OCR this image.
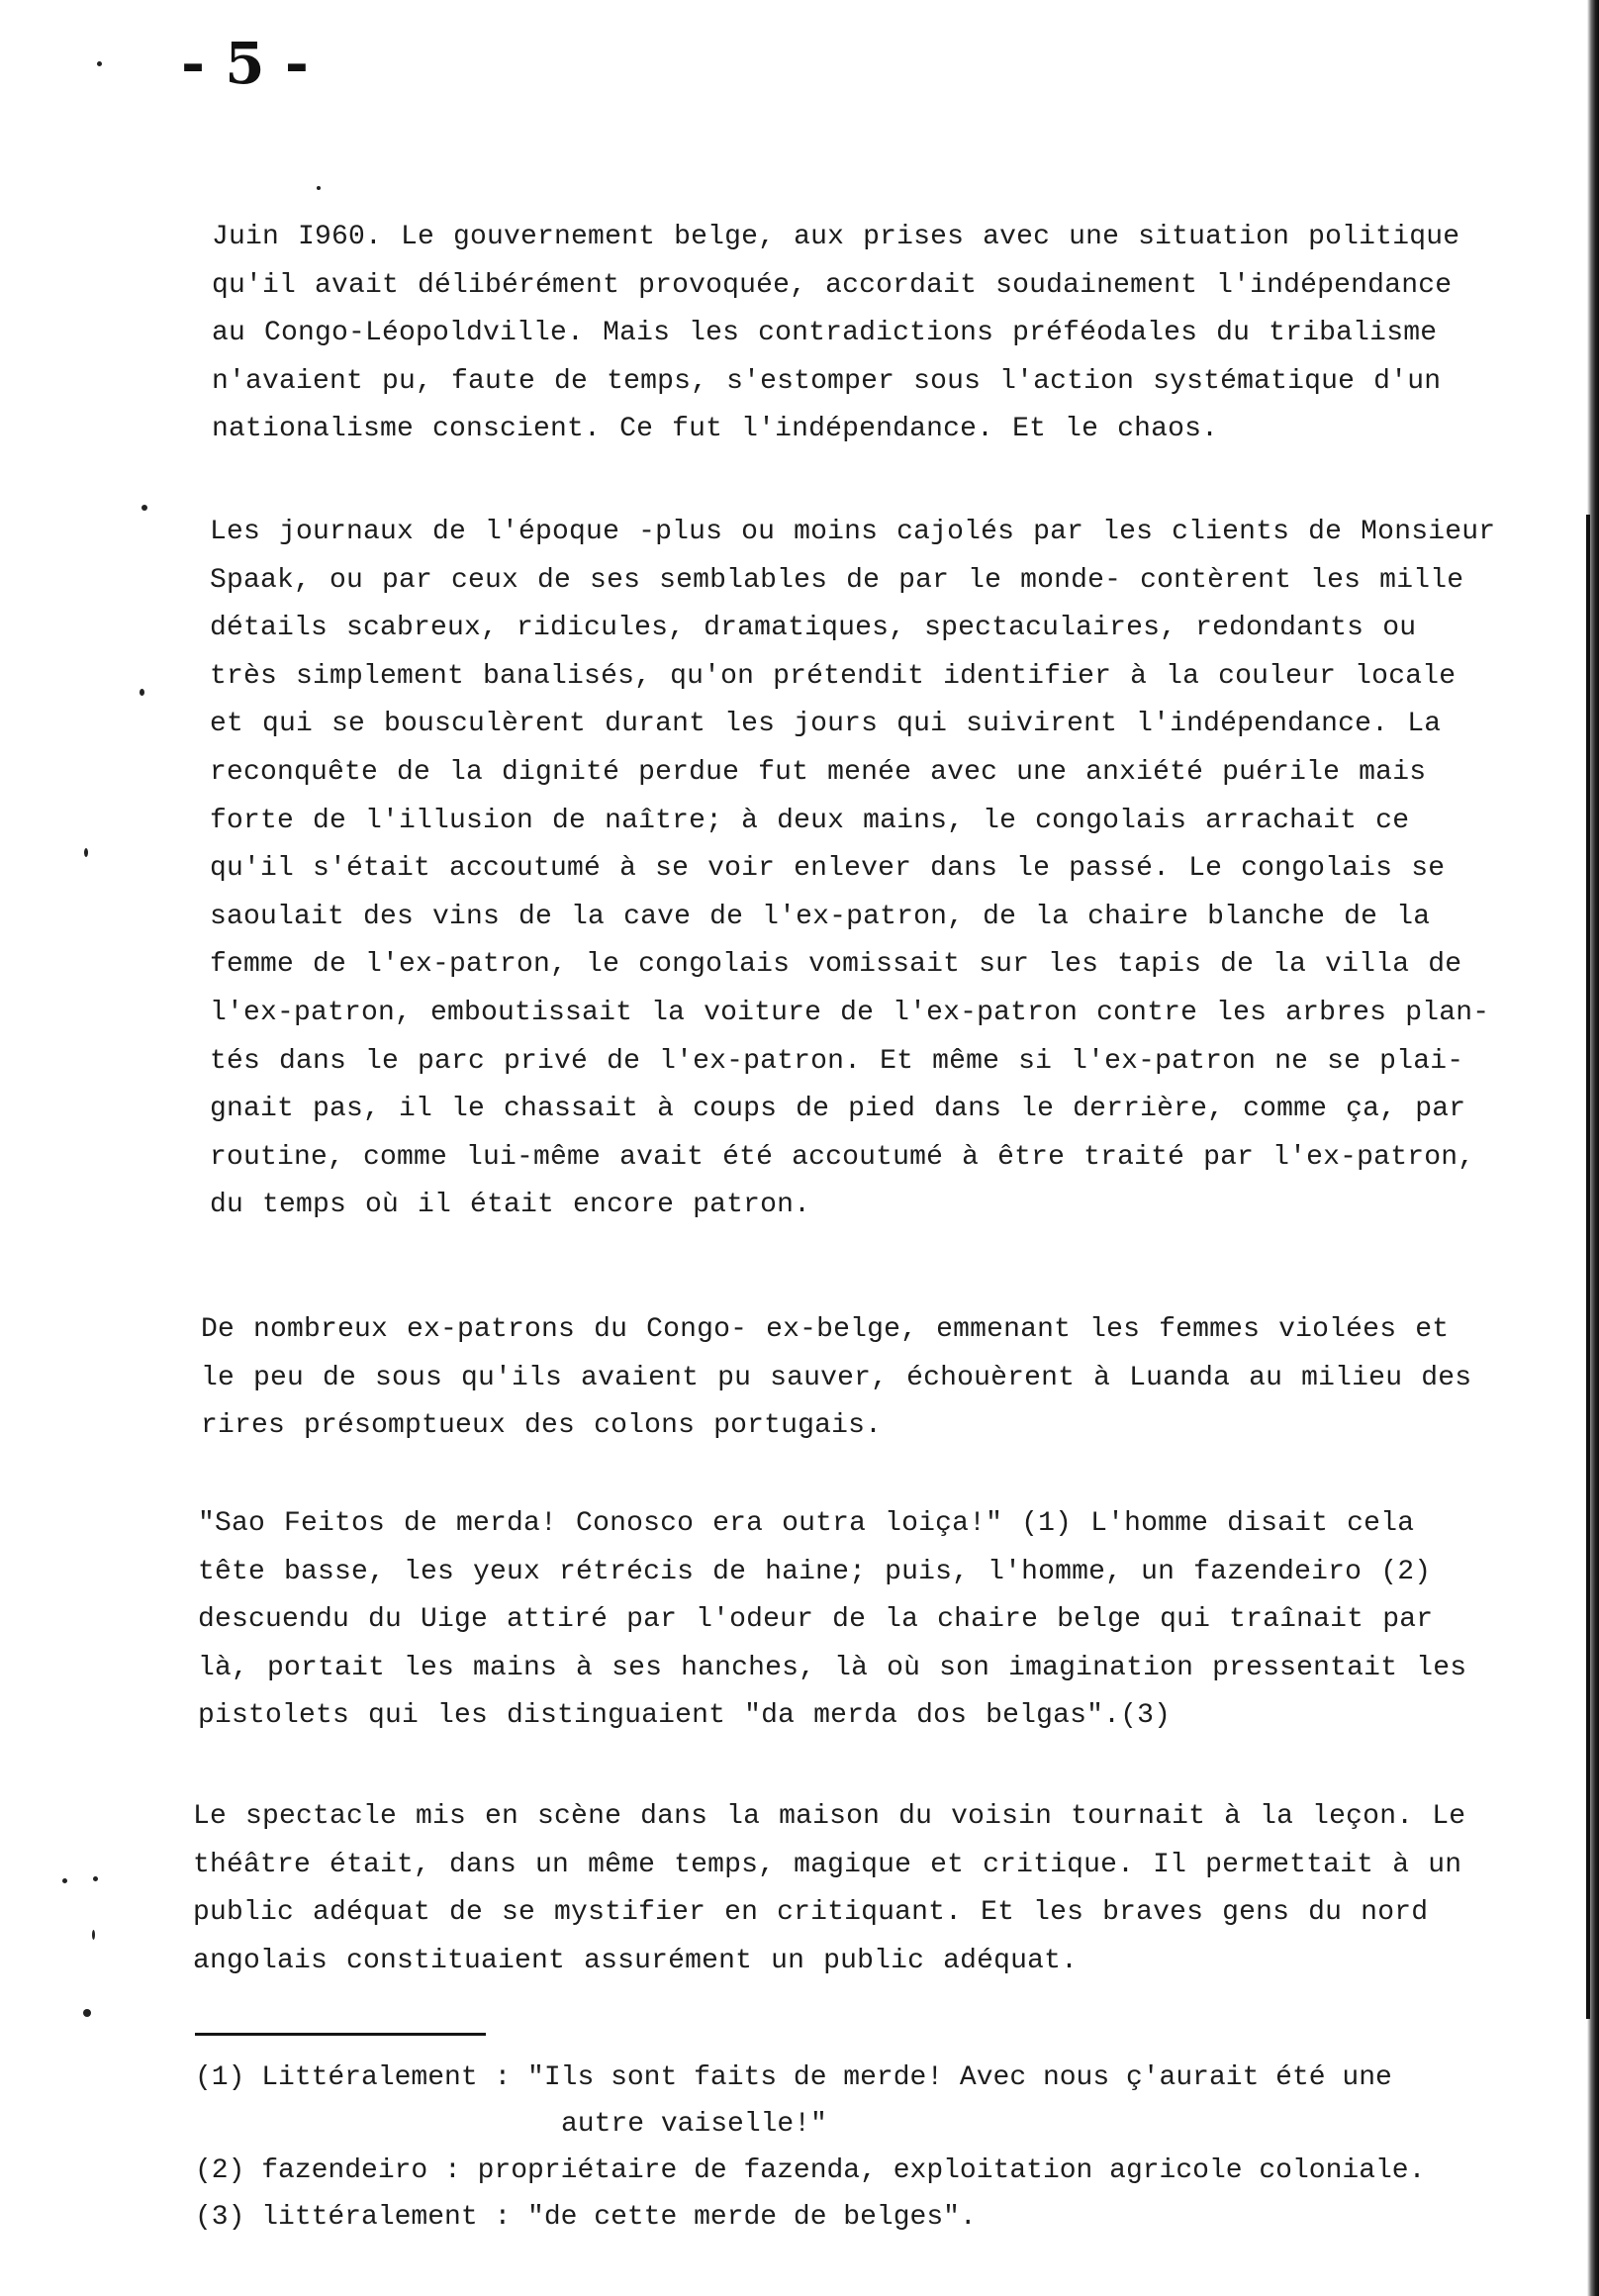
- 5 -

Juin I960. Le gouvernement belge, aux prises avec une situation politique
qu'il avait délibérément provoquée, accordait soudainement l'indépendance
au Congo-Léopoldville. Mais les contradictions préféodales du tribalisme
n'avaient pu, faute de temps, s'estomper sous l'action systématique d'un
nationalisme conscient. Ce fut l'indépendance. Et le chaos.

Les journaux de l'époque -plus ou moins cajolés par les clients de Monsieur
Spaak, ou par ceux de ses semblables de par le monde- contèrent les mille
détails scabreux, ridicules, dramatiques, spectaculaires, redondants ou
très simplement banalisés, qu'on prétendit identifier à la couleur locale
et qui se bousculèrent durant les jours qui suivirent l'indépendance. La
reconquête de la dignité perdue fut menée avec une anxiété puérile mais
forte de l'illusion de naître; à deux mains, le congolais arrachait ce
qu'il s'était accoutumé à se voir enlever dans le passé. Le congolais se
saoulait des vins de la cave de l'ex-patron, de la chaire blanche de la
femme de l'ex-patron, le congolais vomissait sur les tapis de la villa de
l'ex-patron, emboutissait la voiture de l'ex-patron contre les arbres plan-
tés dans le parc privé de l'ex-patron. Et même si l'ex-patron ne se plai-
gnait pas, il le chassait à coups de pied dans le derrière, comme ça, par
routine, comme lui-même avait été accoutumé à être traité par l'ex-patron,
du temps où il était encore patron.

De nombreux ex-patrons du Congo- ex-belge, emmenant les femmes violées et
le peu de sous qu'ils avaient pu sauver, échouèrent à Luanda au milieu des
rires présomptueux des colons portugais.

"Sao Feitos de merda! Conosco era outra loiça!" (1) L'homme disait cela
tête basse, les yeux rétrécis de haine; puis, l'homme, un fazendeiro (2)
descuendu du Uige attiré par l'odeur de la chaire belge qui traînait par
là, portait les mains à ses hanches, là où son imagination pressentait les
pistolets qui les distinguaient "da merda dos belgas".(3)

Le spectacle mis en scène dans la maison du voisin tournait à la leçon. Le
théâtre était, dans un même temps, magique et critique. Il permettait à un
public adéquat de se mystifier en critiquant. Et les braves gens du nord
angolais constituaient assurément un public adéquat.

(1) Littéralement : "Ils sont faits de merde! Avec nous ç'aurait été une
autre vaiselle!"
(2) fazendeiro : propriétaire de fazenda, exploitation agricole coloniale.
(3) littéralement : "de cette merde de belges".
